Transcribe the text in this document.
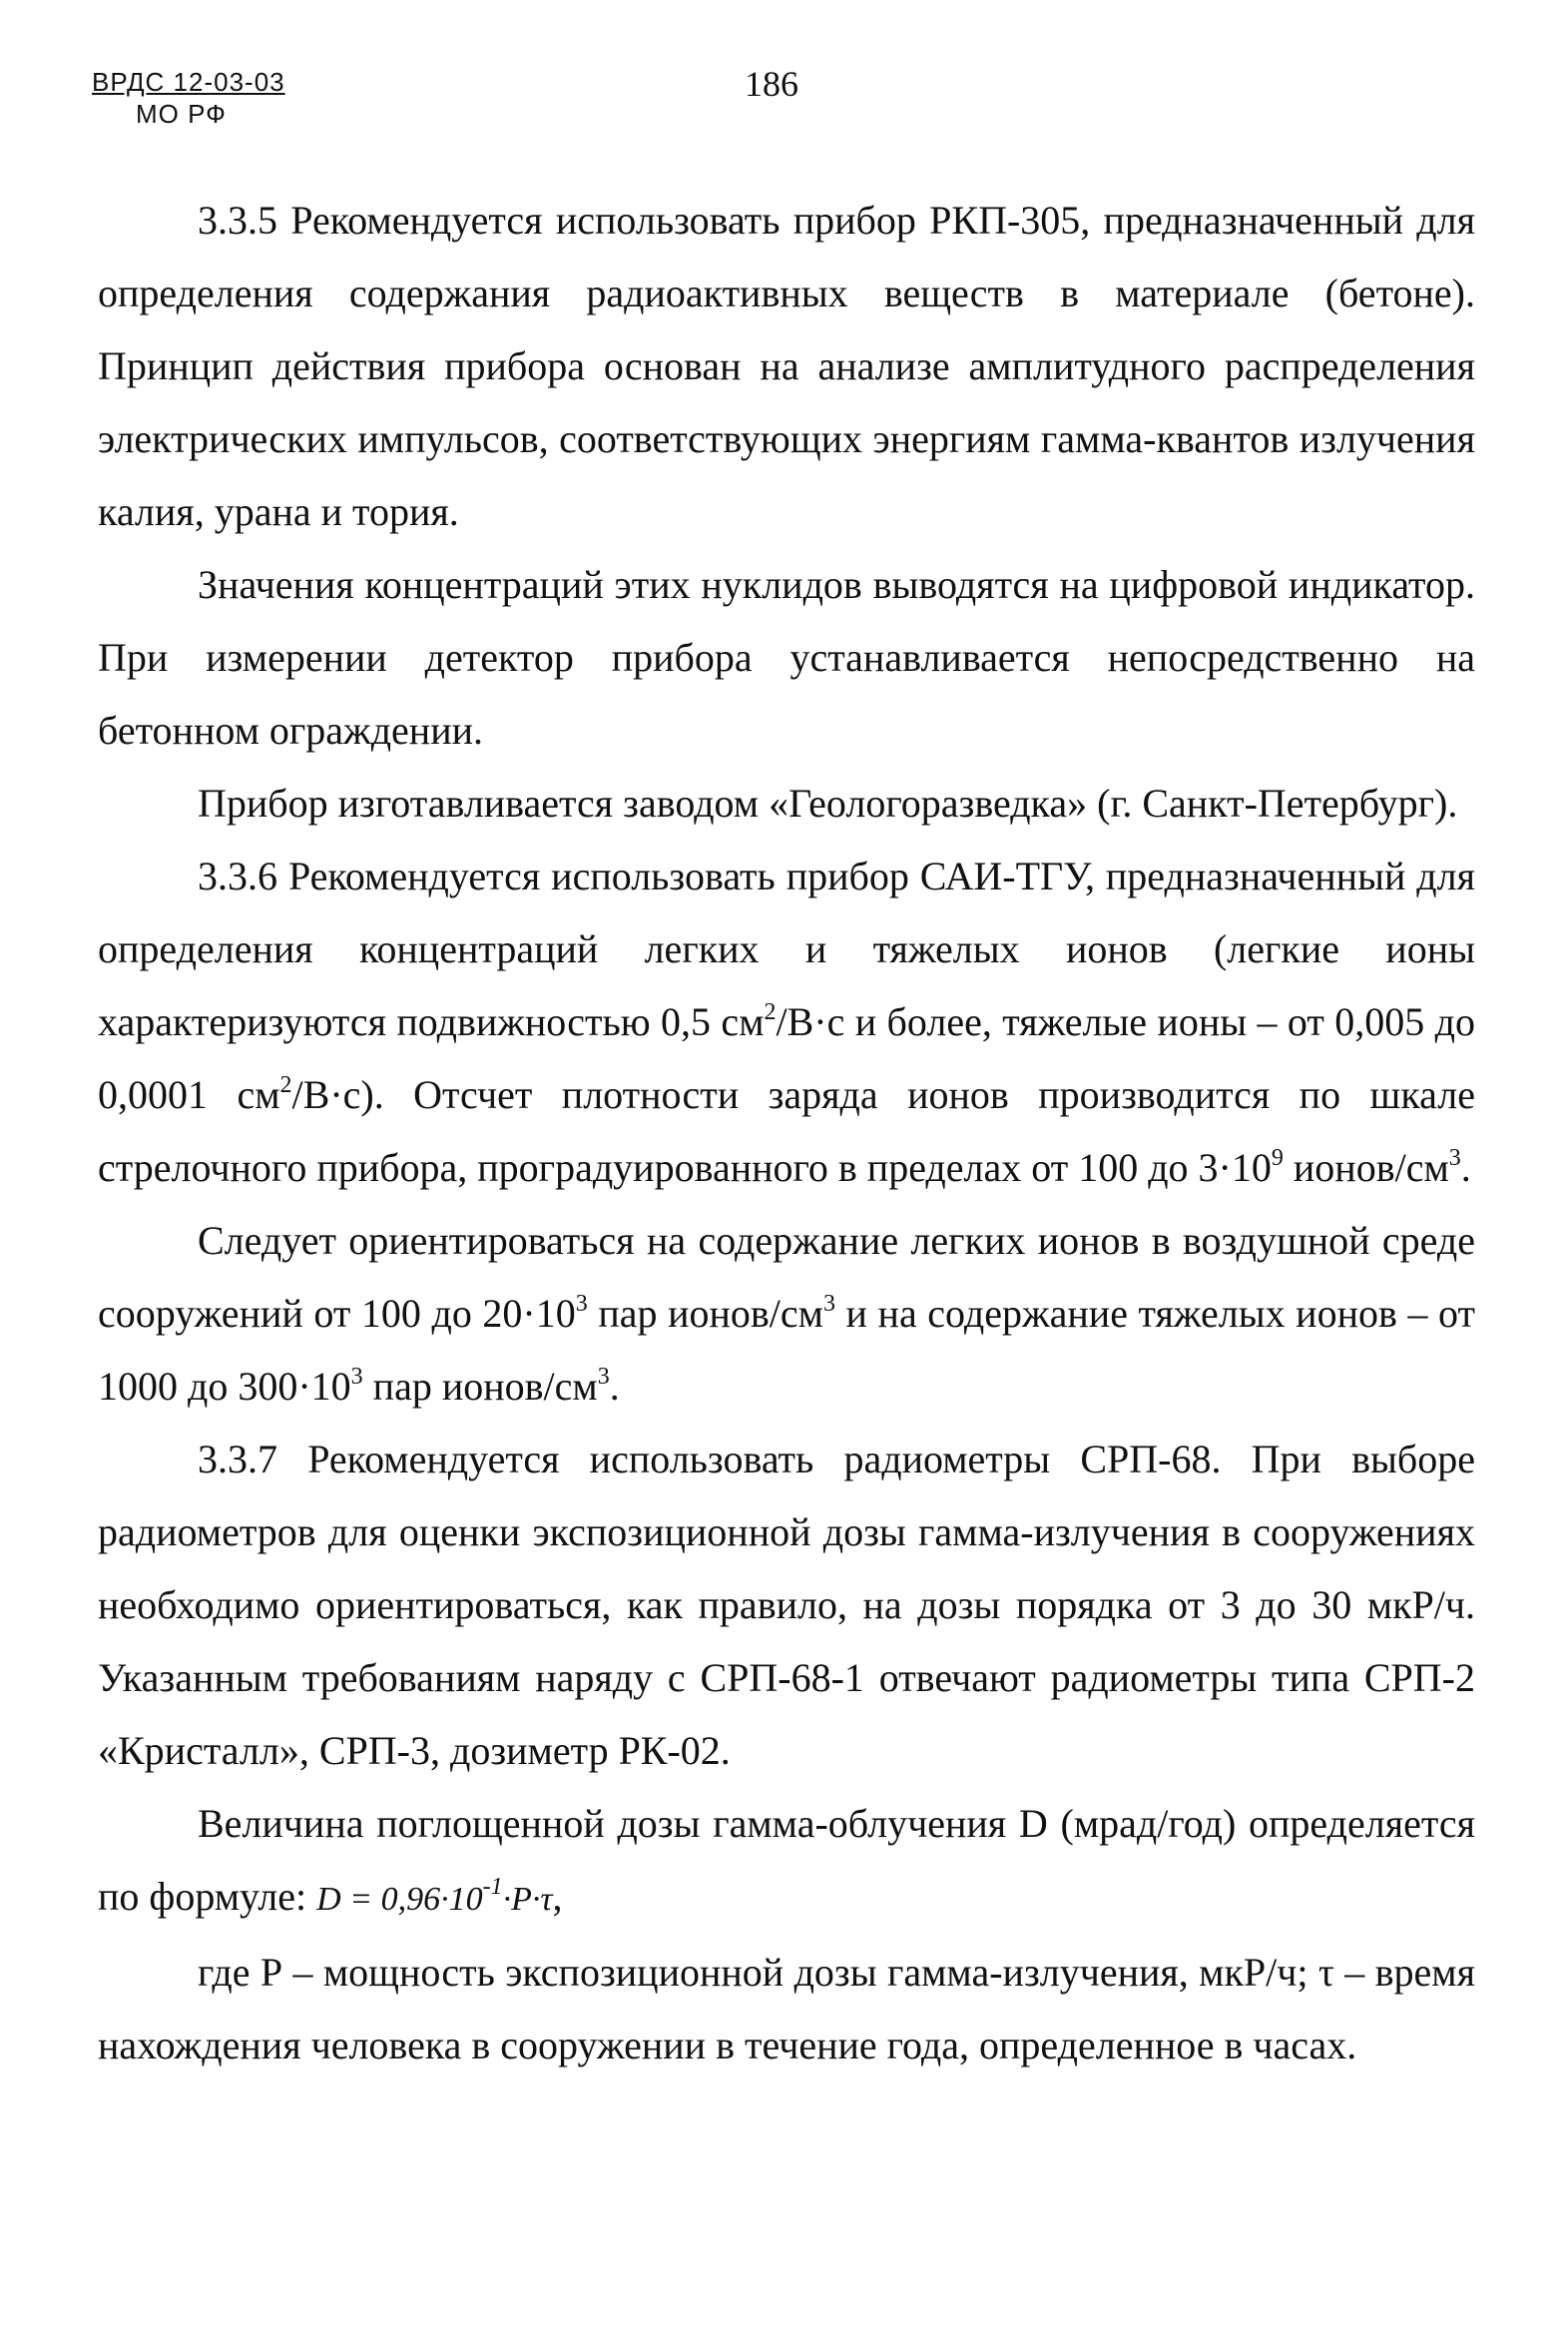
ВРДС 12-03-03
МО РФ
186

3.3.5 Рекомендуется использовать прибор РКП-305, предназначенный для определения содержания радиоактивных веществ в материале (бетоне). Принцип действия прибора основан на анализе амплитудного распределения электрических импульсов, соответствующих энергиям гамма-квантов излучения калия, урана и тория.

Значения концентраций этих нуклидов выводятся на цифровой индикатор. При измерении детектор прибора устанавливается непосредственно на бетонном ограждении.

Прибор изготавливается заводом «Геологоразведка» (г. Санкт-Петербург).

3.3.6 Рекомендуется использовать прибор САИ-ТГУ, предназначенный для определения концентраций легких и тяжелых ионов (легкие ионы характеризуются подвижностью 0,5 $см^2/В\cdot с$ и более, тяжелые ионы – от 0,005 до 0,0001 $см^2/В\cdot с$). Отсчет плотности заряда ионов производится по шкале стрелочного прибора, проградуированного в пределах от 100 до $3\cdot 10^9$ ионов/$см^3$.

Следует ориентироваться на содержание легких ионов в воздушной среде сооружений от 100 до $20\cdot 10^3$ пар ионов/$см^3$ и на содержание тяжелых ионов – от 1000 до $300\cdot 10^3$ пар ионов/$см^3$.

3.3.7 Рекомендуется использовать радиометры СРП-68. При выборе радиометров для оценки экспозиционной дозы гамма-излучения в сооружениях необходимо ориентироваться, как правило, на дозы порядка от 3 до 30 мкР/ч. Указанным требованиям наряду с СРП-68-1 отвечают радиометры типа СРП-2 «Кристалл», СРП-3, дозиметр РК-02.

Величина поглощенной дозы гамма-облучения D (мрад/год) определяется по формуле: $D = 0,96\cdot 10^{-1}\cdot P\cdot\tau$,

где Р – мощность экспозиционной дозы гамма-излучения, мкР/ч; τ – время нахождения человека в сооружении в течение года, определенное в часах.
